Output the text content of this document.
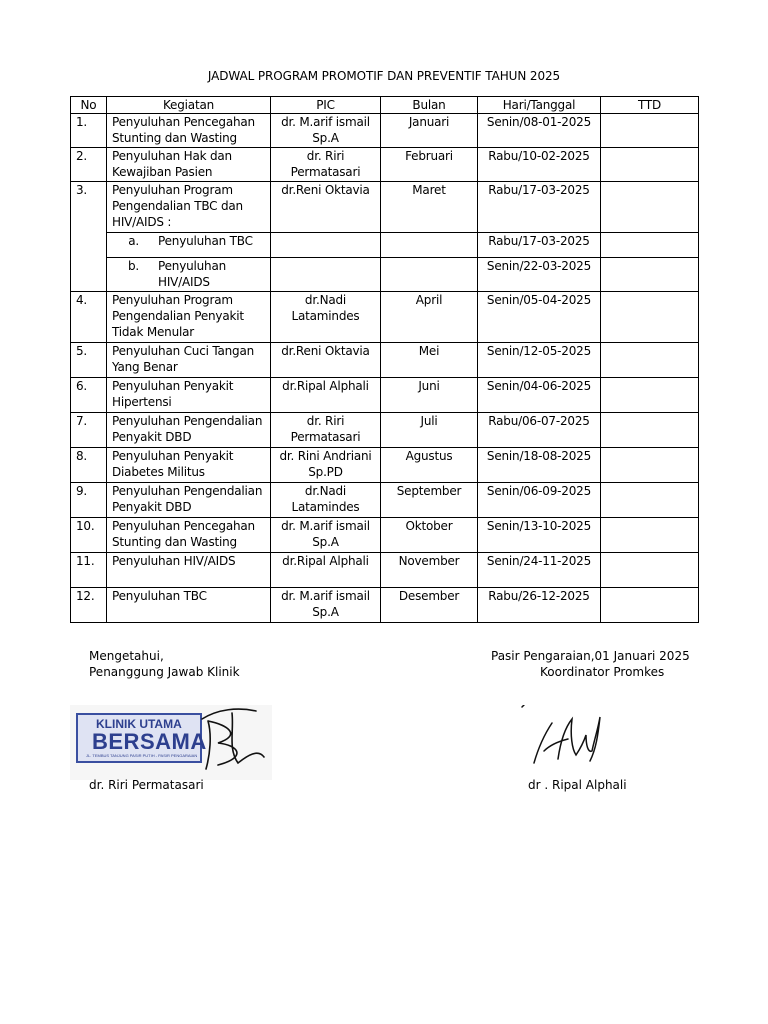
JADWAL PROGRAM PROMOTIF DAN PREVENTIF TAHUN 2025
No	Kegiatan	PIC	Bulan	Hari/Tanggal	TTD
1.	Penyuluhan Pencegahan Stunting dan Wasting	dr. M.arif ismail Sp.A	Januari	Senin/08-01-2025	
2.	Penyuluhan Hak dan Kewajiban Pasien	dr. Riri Permatasari	Februari	Rabu/10-02-2025	
3.	Penyuluhan Program Pengendalian TBC dan HIV/AIDS :	dr.Reni Oktavia	Maret	Rabu/17-03-2025	

	a. Penyuluhan TBC			Rabu/17-03-2025	

	b. Penyuluhan HIV/AIDS			Senin/22-03-2025	
4.	Penyuluhan Program Pengendalian Penyakit Tidak Menular	dr.Nadi Latamindes	April	Senin/05-04-2025	
5.	Penyuluhan Cuci Tangan Yang Benar	dr.Reni Oktavia	Mei	Senin/12-05-2025	
6.	Penyuluhan Penyakit Hipertensi	dr.Ripal Alphali	Juni	Senin/04-06-2025	
7.	Penyuluhan Pengendalian Penyakit DBD	dr. Riri Permatasari	Juli	Rabu/06-07-2025	
8.	Penyuluhan Penyakit Diabetes Militus	dr. Rini Andriani Sp.PD	Agustus	Senin/18-08-2025	
9.	Penyuluhan Pengendalian Penyakit DBD	dr.Nadi Latamindes	September	Senin/06-09-2025	
10.	Penyuluhan Pencegahan Stunting dan Wasting	dr. M.arif ismail Sp.A	Oktober	Senin/13-10-2025	
11.	Penyuluhan HIV/AIDS	dr.Ripal Alphali	November	Senin/24-11-2025	
12.	Penyuluhan TBC	dr. M.arif ismail Sp.A	Desember	Rabu/26-12-2025	
Mengetahui,
Penanggung Jawab Klinik
Pasir Pengaraian,01 Januari 2025
Koordinator Promkes
KLINIK UTAMA
BERSAMA
JL. TEMBUS TANJUNG PASIR PUTIH - PASIR PENGARAIAN
dr. Riri Permatasari	dr . Ripal Alphali
